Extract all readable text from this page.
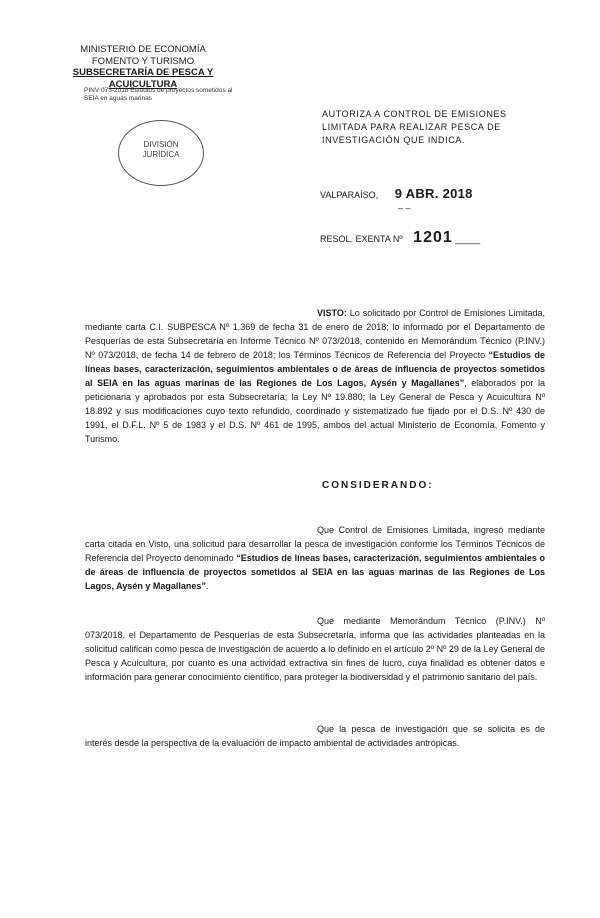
MINISTERIO DE ECONOMÍA
FOMENTO Y TURISMO
SUBSECRETARÍA DE PESCA Y ACUICULTURA
PINV 073-2018 Estudios de proyectos sometidos al
SEIA en aguas marinas
DIVISIÓN
JURÍDICA
AUTORIZA A CONTROL DE EMISIONES LIMITADA PARA REALIZAR PESCA DE INVESTIGACIÓN QUE INDICA.
VALPARAÍSO, 9 ABR. 2018
– –
RESOL. EXENTA Nº 1201 _____
VISTO: Lo solicitado por Control de Emisiones Limitada, mediante carta C.I. SUBPESCA Nº 1.369 de fecha 31 de enero de 2018; lo informado por el Departamento de Pesquerías de esta Subsecretaría en Informe Técnico Nº 073/2018, contenido en Memorándum Técnico (P.INV.) Nº 073/2018, de fecha 14 de febrero de 2018; los Términos Técnicos de Referencia del Proyecto “Estudios de líneas bases, caracterización, seguimientos ambientales o de áreas de influencia de proyectos sometidos al SEIA en las aguas marinas de las Regiones de Los Lagos, Aysén y Magallanes”, elaborados por la peticionaria y aprobados por esta Subsecretaría; la Ley Nº 19.880; la Ley General de Pesca y Acuicultura Nº 18.892 y sus modificaciones cuyo texto refundido, coordinado y sistematizado fue fijado por el D.S. Nº 430 de 1991, el D.F.L. Nº 5 de 1983 y el D.S. Nº 461 de 1995, ambos del actual Ministerio de Economía, Fomento y Turismo.
CONSIDERANDO:
Que Control de Emisiones Limitada, ingresó mediante carta citada en Visto, una solicitud para desarrollar la pesca de investigación conforme los Términos Técnicos de Referencia del Proyecto denominado “Estudios de líneas bases, caracterización, seguimientos ambientales o de áreas de influencia de proyectos sometidos al SEIA en las aguas marinas de las Regiones de Los Lagos, Aysén y Magallanes”.
Que mediante Memorándum Técnico (P.INV.) Nº 073/2018, el Departamento de Pesquerías de esta Subsecretaría, informa que las actividades planteadas en la solicitud califican como pesca de investigación de acuerdo a lo definido en el artículo 2º Nº 29 de la Ley General de Pesca y Acuicultura, por cuanto es una actividad extractiva sin fines de lucro, cuya finalidad es obtener datos e información para generar conocimiento científico, para proteger la biodiversidad y el patrimonio sanitario del país.
Que la pesca de investigación que se solicita es de interés desde la perspectiva de la evaluación de impacto ambiental de actividades antrópicas.
